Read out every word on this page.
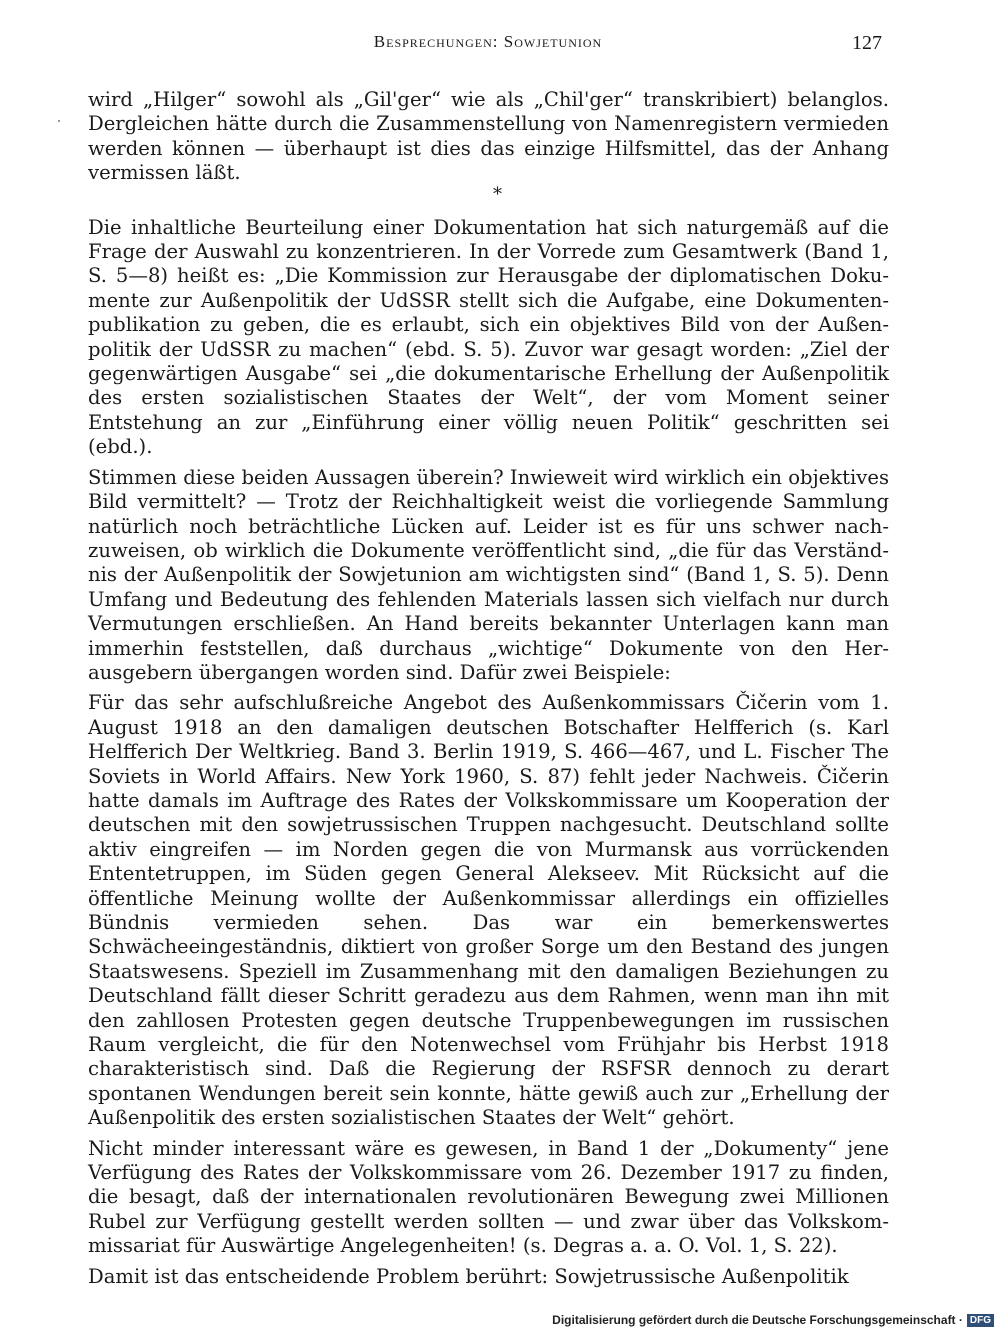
Besprechungen: Sowjetunion	127

wird „Hilger“ sowohl als „Gil'ger“ wie als „Chil'ger“ transkribiert) belanglos. Dergleichen hätte durch die Zusammenstellung von Namenregistern vermieden werden können — überhaupt ist dies das einzige Hilfsmittel, das der Anhang vermissen läßt.

*

Die inhaltliche Beurteilung einer Dokumentation hat sich naturgemäß auf die Frage der Auswahl zu konzentrieren. In der Vorrede zum Gesamtwerk (Band 1, S. 5—8) heißt es: „Die Kommission zur Herausgabe der diplomatischen Dokumente zur Außenpolitik der UdSSR stellt sich die Aufgabe, eine Dokumentenpublikation zu geben, die es erlaubt, sich ein objektives Bild von der Außenpolitik der UdSSR zu machen“ (ebd. S. 5). Zuvor war gesagt worden: „Ziel der gegenwärtigen Ausgabe“ sei „die dokumentarische Erhellung der Außenpolitik des ersten sozialistischen Staates der Welt“, der vom Moment seiner Entstehung an zur „Einführung einer völlig neuen Politik“ geschritten sei (ebd.).

Stimmen diese beiden Aussagen überein? Inwieweit wird wirklich ein objektives Bild vermittelt? — Trotz der Reichhaltigkeit weist die vorliegende Sammlung natürlich noch beträchtliche Lücken auf. Leider ist es für uns schwer nachzuweisen, ob wirklich die Dokumente veröffentlicht sind, „die für das Verständnis der Außenpolitik der Sowjetunion am wichtigsten sind“ (Band 1, S. 5). Denn Umfang und Bedeutung des fehlenden Materials lassen sich vielfach nur durch Vermutungen erschließen. An Hand bereits bekannter Unterlagen kann man immerhin feststellen, daß durchaus „wichtige“ Dokumente von den Herausgebern übergangen worden sind. Dafür zwei Beispiele:

Für das sehr aufschlußreiche Angebot des Außenkommissars Čičerin vom 1. August 1918 an den damaligen deutschen Botschafter Helfferich (s. Karl Helfferich Der Weltkrieg. Band 3. Berlin 1919, S. 466—467, und L. Fischer The Soviets in World Affairs. New York 1960, S. 87) fehlt jeder Nachweis. Čičerin hatte damals im Auftrage des Rates der Volkskommissare um Kooperation der deutschen mit den sowjetrussischen Truppen nachgesucht. Deutschland sollte aktiv eingreifen — im Norden gegen die von Murmansk aus vorrückenden Ententetruppen, im Süden gegen General Alekseev. Mit Rücksicht auf die öffentliche Meinung wollte der Außenkommissar allerdings ein offizielles Bündnis vermieden sehen. Das war ein bemerkenswertes Schwächeeingeständnis, diktiert von großer Sorge um den Bestand des jungen Staatswesens. Speziell im Zusammenhang mit den damaligen Beziehungen zu Deutschland fällt dieser Schritt geradezu aus dem Rahmen, wenn man ihn mit den zahllosen Protesten gegen deutsche Truppenbewegungen im russischen Raum vergleicht, die für den Notenwechsel vom Frühjahr bis Herbst 1918 charakteristisch sind. Daß die Regierung der RSFSR dennoch zu derart spontanen Wendungen bereit sein konnte, hätte gewiß auch zur „Erhellung der Außenpolitik des ersten sozialistischen Staates der Welt“ gehört.

Nicht minder interessant wäre es gewesen, in Band 1 der „Dokumenty“ jene Verfügung des Rates der Volkskommissare vom 26. Dezember 1917 zu finden, die besagt, daß der internationalen revolutionären Bewegung zwei Millionen Rubel zur Verfügung gestellt werden sollten — und zwar über das Volkskommissariat für Auswärtige Angelegenheiten! (s. Degras a. a. O. Vol. 1, S. 22).

Damit ist das entscheidende Problem berührt: Sowjetrussische Außenpolitik

Digitalisierung gefördert durch die Deutsche Forschungsgemeinschaft · DFG
